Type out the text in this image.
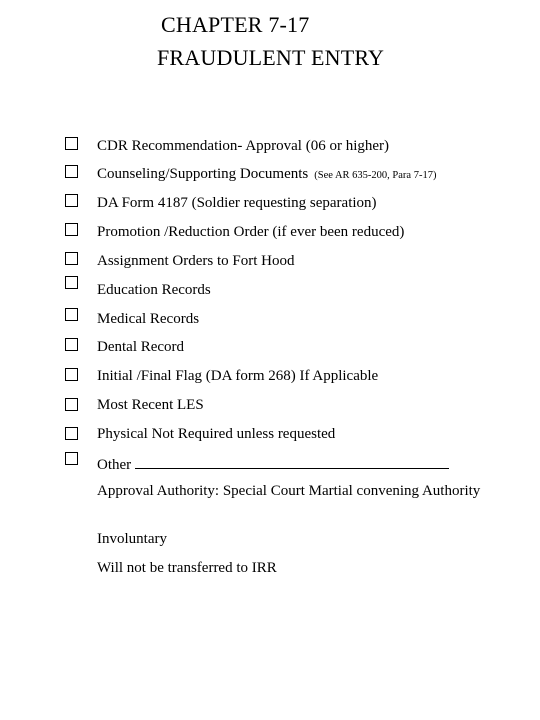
CHAPTER 7-17
FRAUDULENT ENTRY
CDR Recommendation- Approval (06 or higher)
Counseling/Supporting Documents (See AR 635-200, Para 7-17)
DA Form 4187 (Soldier requesting separation)
Promotion /Reduction Order (if ever been reduced)
Assignment Orders to Fort Hood
Education Records
Medical Records
Dental Record
Initial /Final Flag (DA form 268) If Applicable
Most Recent LES
Physical Not Required unless requested
Other
Approval Authority: Special Court Martial convening Authority
Involuntary
Will not be transferred to IRR
